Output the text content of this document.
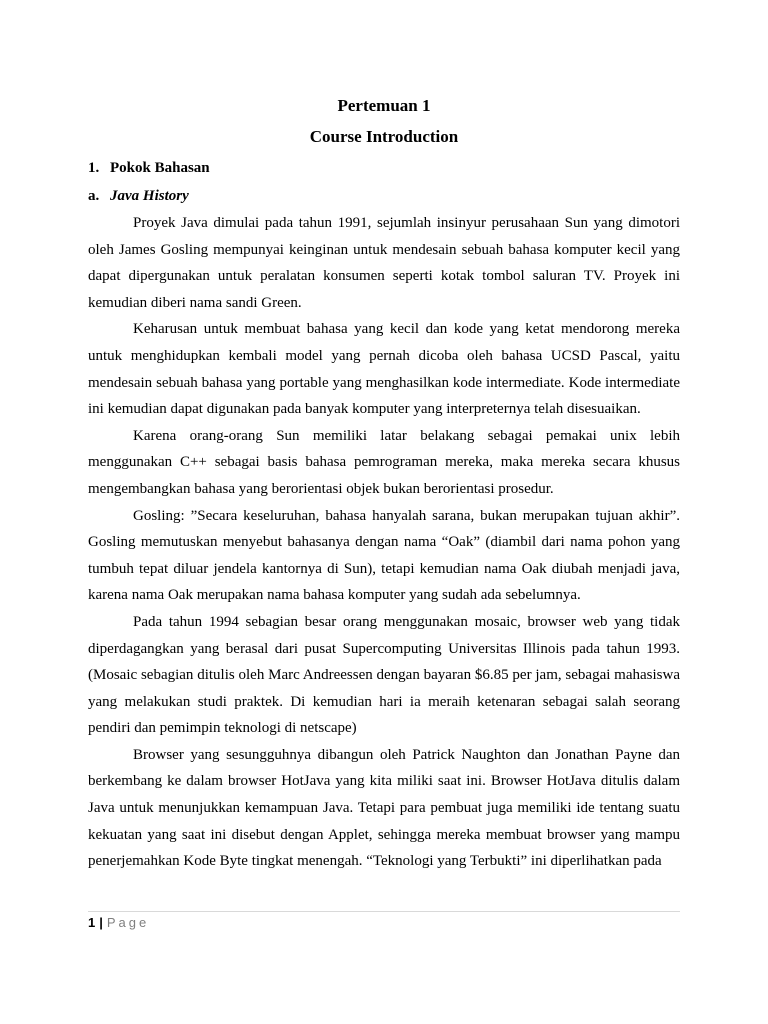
Pertemuan 1

Course Introduction

1. Pokok Bahasan
a. Java History

Proyek Java dimulai pada tahun 1991, sejumlah insinyur perusahaan Sun yang dimotori oleh James Gosling mempunyai keinginan untuk mendesain sebuah bahasa komputer kecil yang dapat dipergunakan untuk peralatan konsumen seperti kotak tombol saluran TV. Proyek ini kemudian diberi nama sandi Green.

Keharusan untuk membuat bahasa yang kecil dan kode yang ketat mendorong mereka untuk menghidupkan kembali model yang pernah dicoba oleh bahasa UCSD Pascal, yaitu mendesain sebuah bahasa yang portable yang menghasilkan kode intermediate. Kode intermediate ini kemudian dapat digunakan pada banyak komputer yang interpreternya telah disesuaikan.

Karena orang-orang Sun memiliki latar belakang sebagai pemakai unix lebih menggunakan C++ sebagai basis bahasa pemrograman mereka, maka mereka secara khusus mengembangkan bahasa yang berorientasi objek bukan berorientasi prosedur.

Gosling: ”Secara keseluruhan, bahasa hanyalah sarana, bukan merupakan tujuan akhir”. Gosling memutuskan menyebut bahasanya dengan nama “Oak” (diambil dari nama pohon yang tumbuh tepat diluar jendela kantornya di Sun), tetapi kemudian nama Oak diubah menjadi java, karena nama Oak merupakan nama bahasa komputer yang sudah ada sebelumnya.

Pada tahun 1994 sebagian besar orang menggunakan mosaic, browser web yang tidak diperdagangkan yang berasal dari pusat Supercomputing Universitas Illinois pada tahun 1993. (Mosaic sebagian ditulis oleh Marc Andreessen dengan bayaran $6.85 per jam, sebagai mahasiswa yang melakukan studi praktek. Di kemudian hari ia meraih ketenaran sebagai salah seorang pendiri dan pemimpin teknologi di netscape)

Browser yang sesungguhnya dibangun oleh Patrick Naughton dan Jonathan Payne dan berkembang ke dalam browser HotJava yang kita miliki saat ini. Browser HotJava ditulis dalam Java untuk menunjukkan kemampuan Java. Tetapi para pembuat juga memiliki ide tentang suatu kekuatan yang saat ini disebut dengan Applet, sehingga mereka membuat browser yang mampu penerjemahkan Kode Byte tingkat menengah. “Teknologi yang Terbukti” ini diperlihatkan pada

1 | Page
